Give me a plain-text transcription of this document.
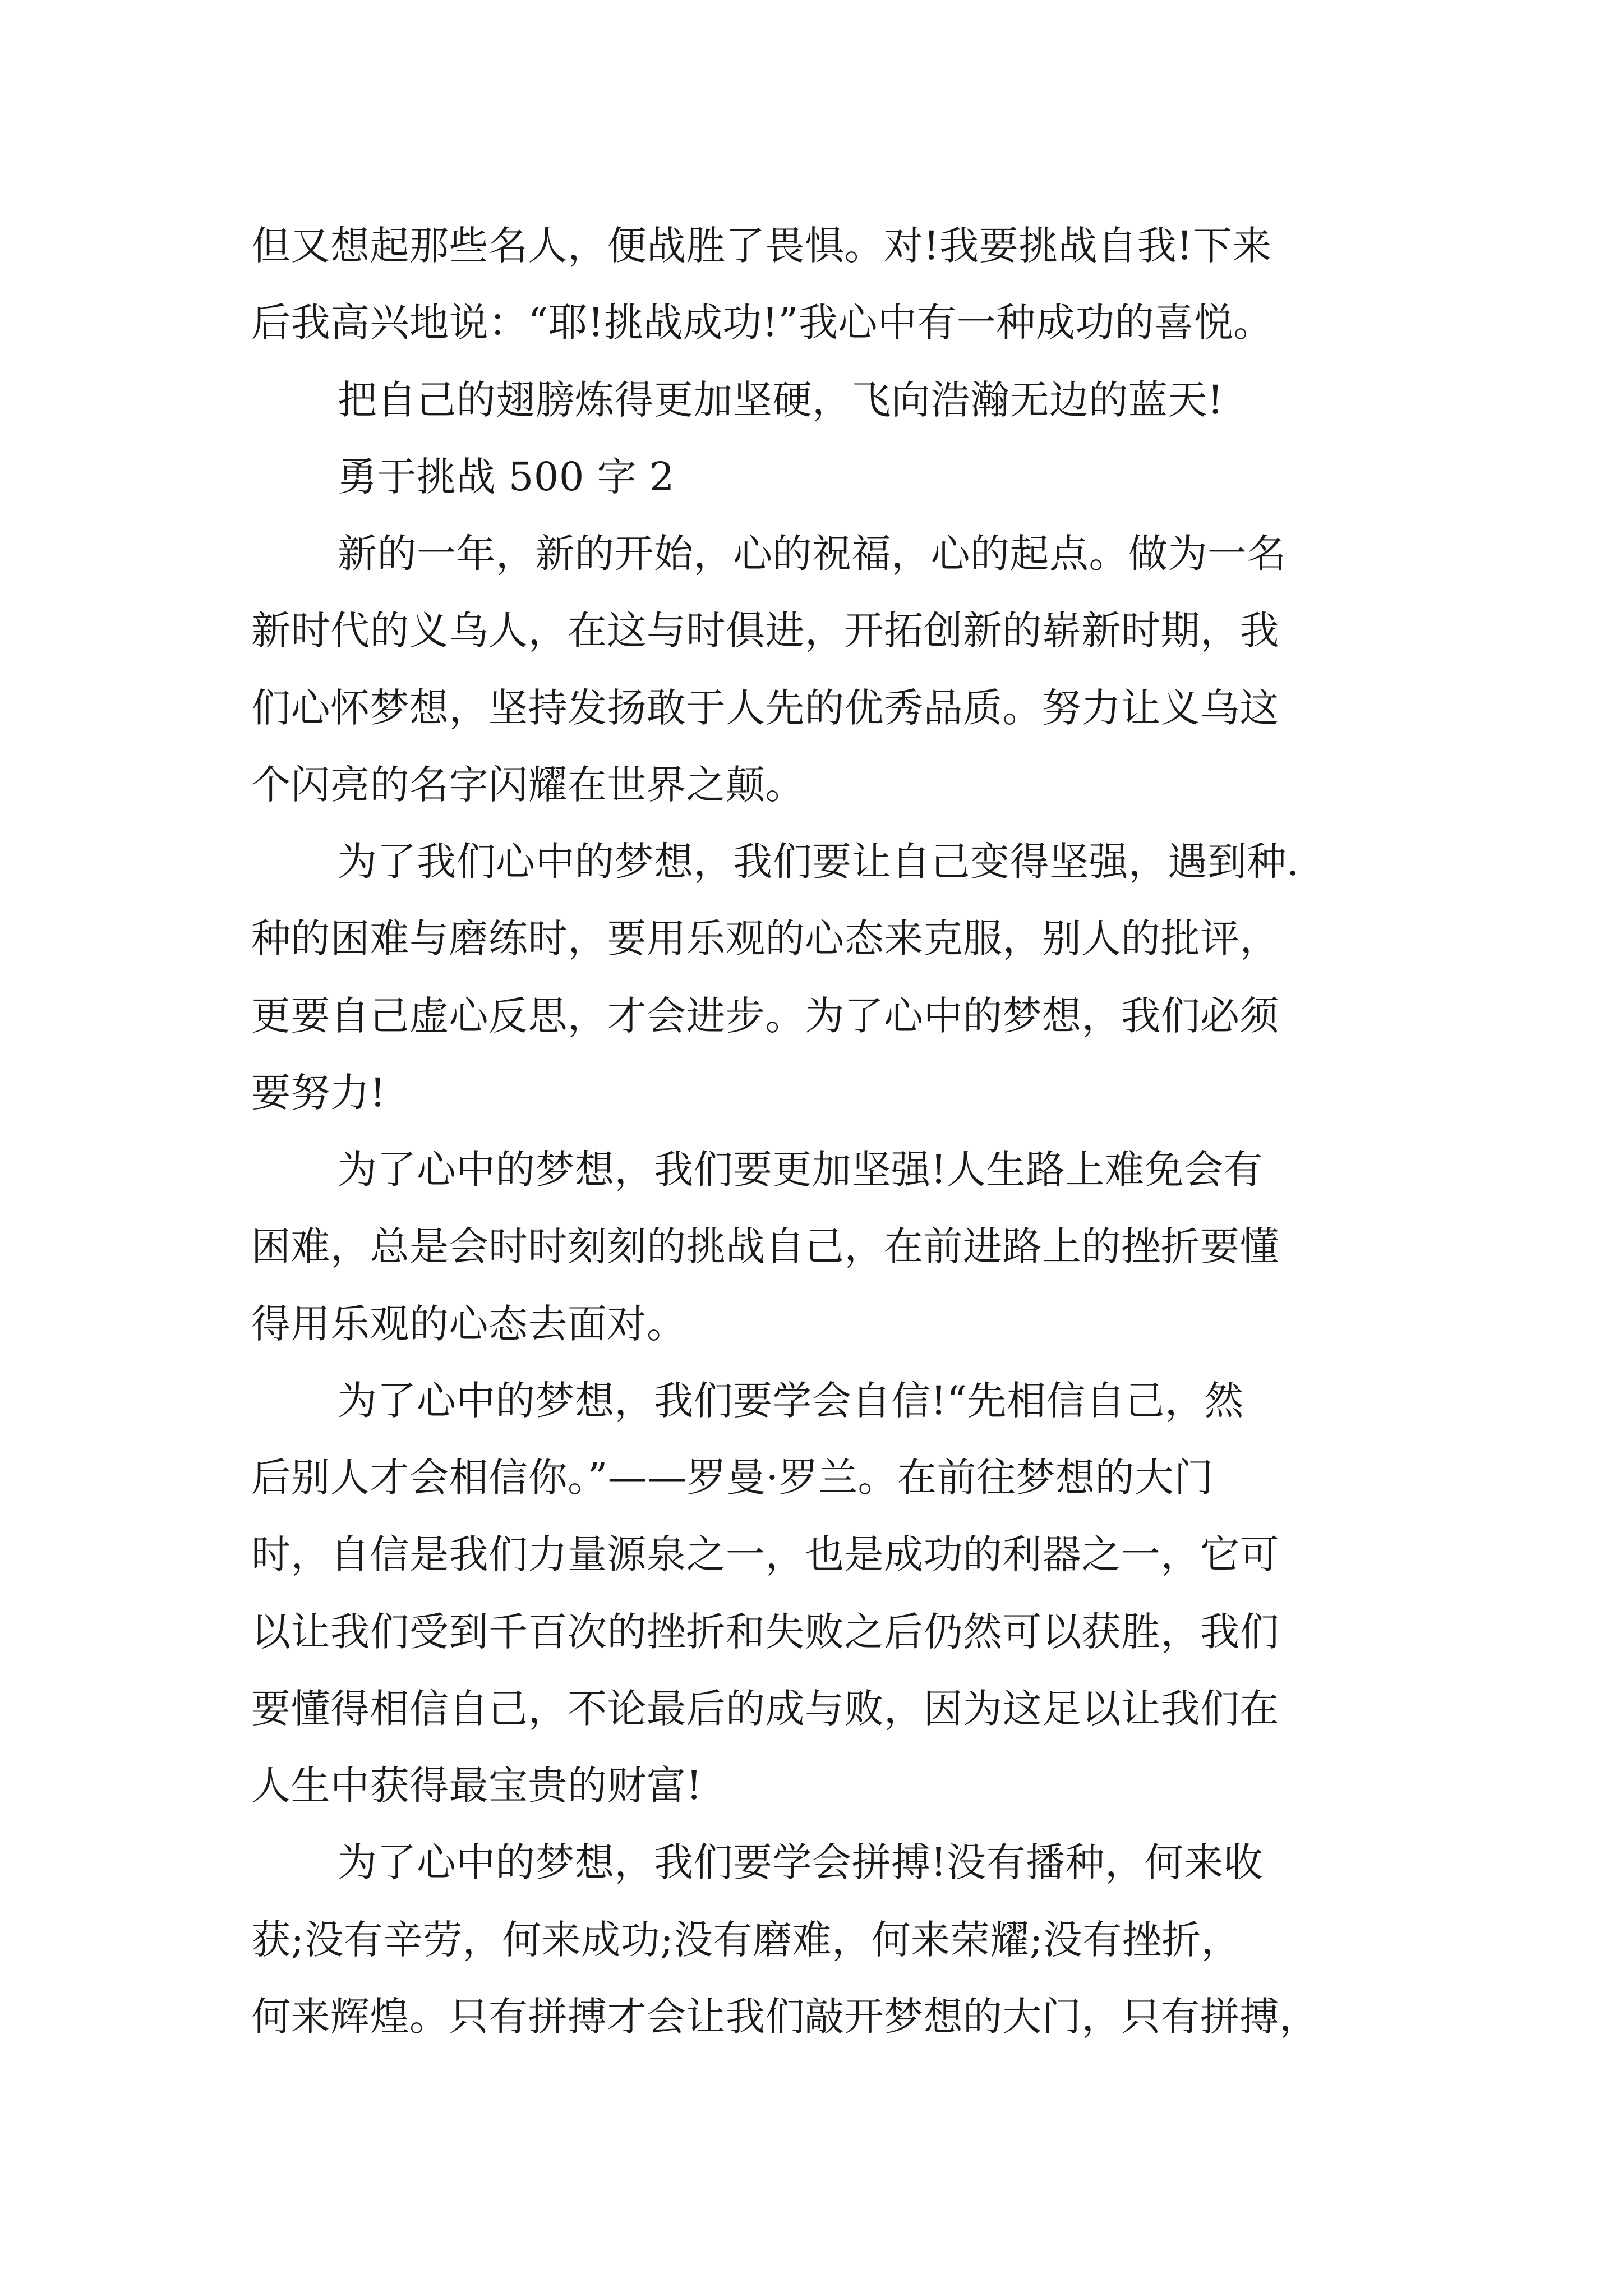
但又想起那些名人，便战胜了畏惧。对!我要挑战自我!下来
后我高兴地说：“耶!挑战成功!”我心中有一种成功的喜悦。
把自己的翅膀炼得更加坚硬，飞向浩瀚无边的蓝天!
勇于挑战 500 字 2
新的一年，新的开始，心的祝福，心的起点。做为一名
新时代的义乌人，在这与时俱进，开拓创新的崭新时期，我
们心怀梦想，坚持发扬敢于人先的优秀品质。努力让义乌这
个闪亮的名字闪耀在世界之颠。
为了我们心中的梦想，我们要让自己变得坚强，遇到种.
种的困难与磨练时，要用乐观的心态来克服，别人的批评，
更要自己虚心反思，才会进步。为了心中的梦想，我们必须
要努力!
为了心中的梦想，我们要更加坚强!人生路上难免会有
困难，总是会时时刻刻的挑战自己，在前进路上的挫折要懂
得用乐观的心态去面对。
为了心中的梦想，我们要学会自信!“先相信自己，然
后别人才会相信你。”——罗曼·罗兰。在前往梦想的大门
时，自信是我们力量源泉之一，也是成功的利器之一，它可
以让我们受到千百次的挫折和失败之后仍然可以获胜，我们
要懂得相信自己，不论最后的成与败，因为这足以让我们在
人生中获得最宝贵的财富!
为了心中的梦想，我们要学会拼搏!没有播种，何来收
获;没有辛劳，何来成功;没有磨难，何来荣耀;没有挫折，
何来辉煌。只有拼搏才会让我们敲开梦想的大门，只有拼搏，
